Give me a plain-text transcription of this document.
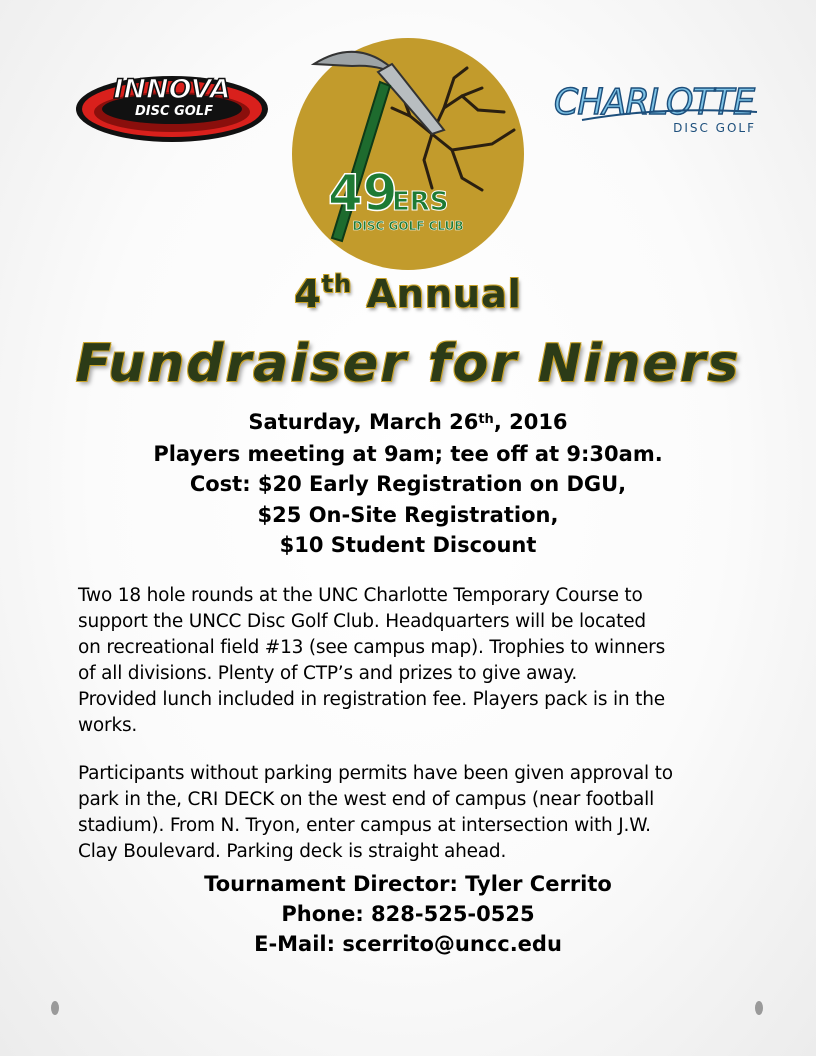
INNOVA
DISC GOLF
49
ERS
DISC GOLF CLUB
CHARLOTTE
DISC GOLF
4th Annual
Fundraiser for Niners
Saturday, March 26th, 2016
Players meeting at 9am; tee off at 9:30am.
Cost: $20 Early Registration on DGU,
$25 On-Site Registration,
$10 Student Discount
Two 18 hole rounds at the UNC Charlotte Temporary Course to
support the UNCC Disc Golf Club. Headquarters will be located
on recreational field #13 (see campus map). Trophies to winners
of all divisions. Plenty of CTP’s and prizes to give away.
Provided lunch included in registration fee. Players pack is in the
works.
Participants without parking permits have been given approval to
park in the, CRI DECK on the west end of campus (near football
stadium). From N. Tryon, enter campus at intersection with J.W.
Clay Boulevard. Parking deck is straight ahead.
Tournament Director: Tyler Cerrito
Phone: 828-525-0525
E-Mail: scerrito@uncc.edu
